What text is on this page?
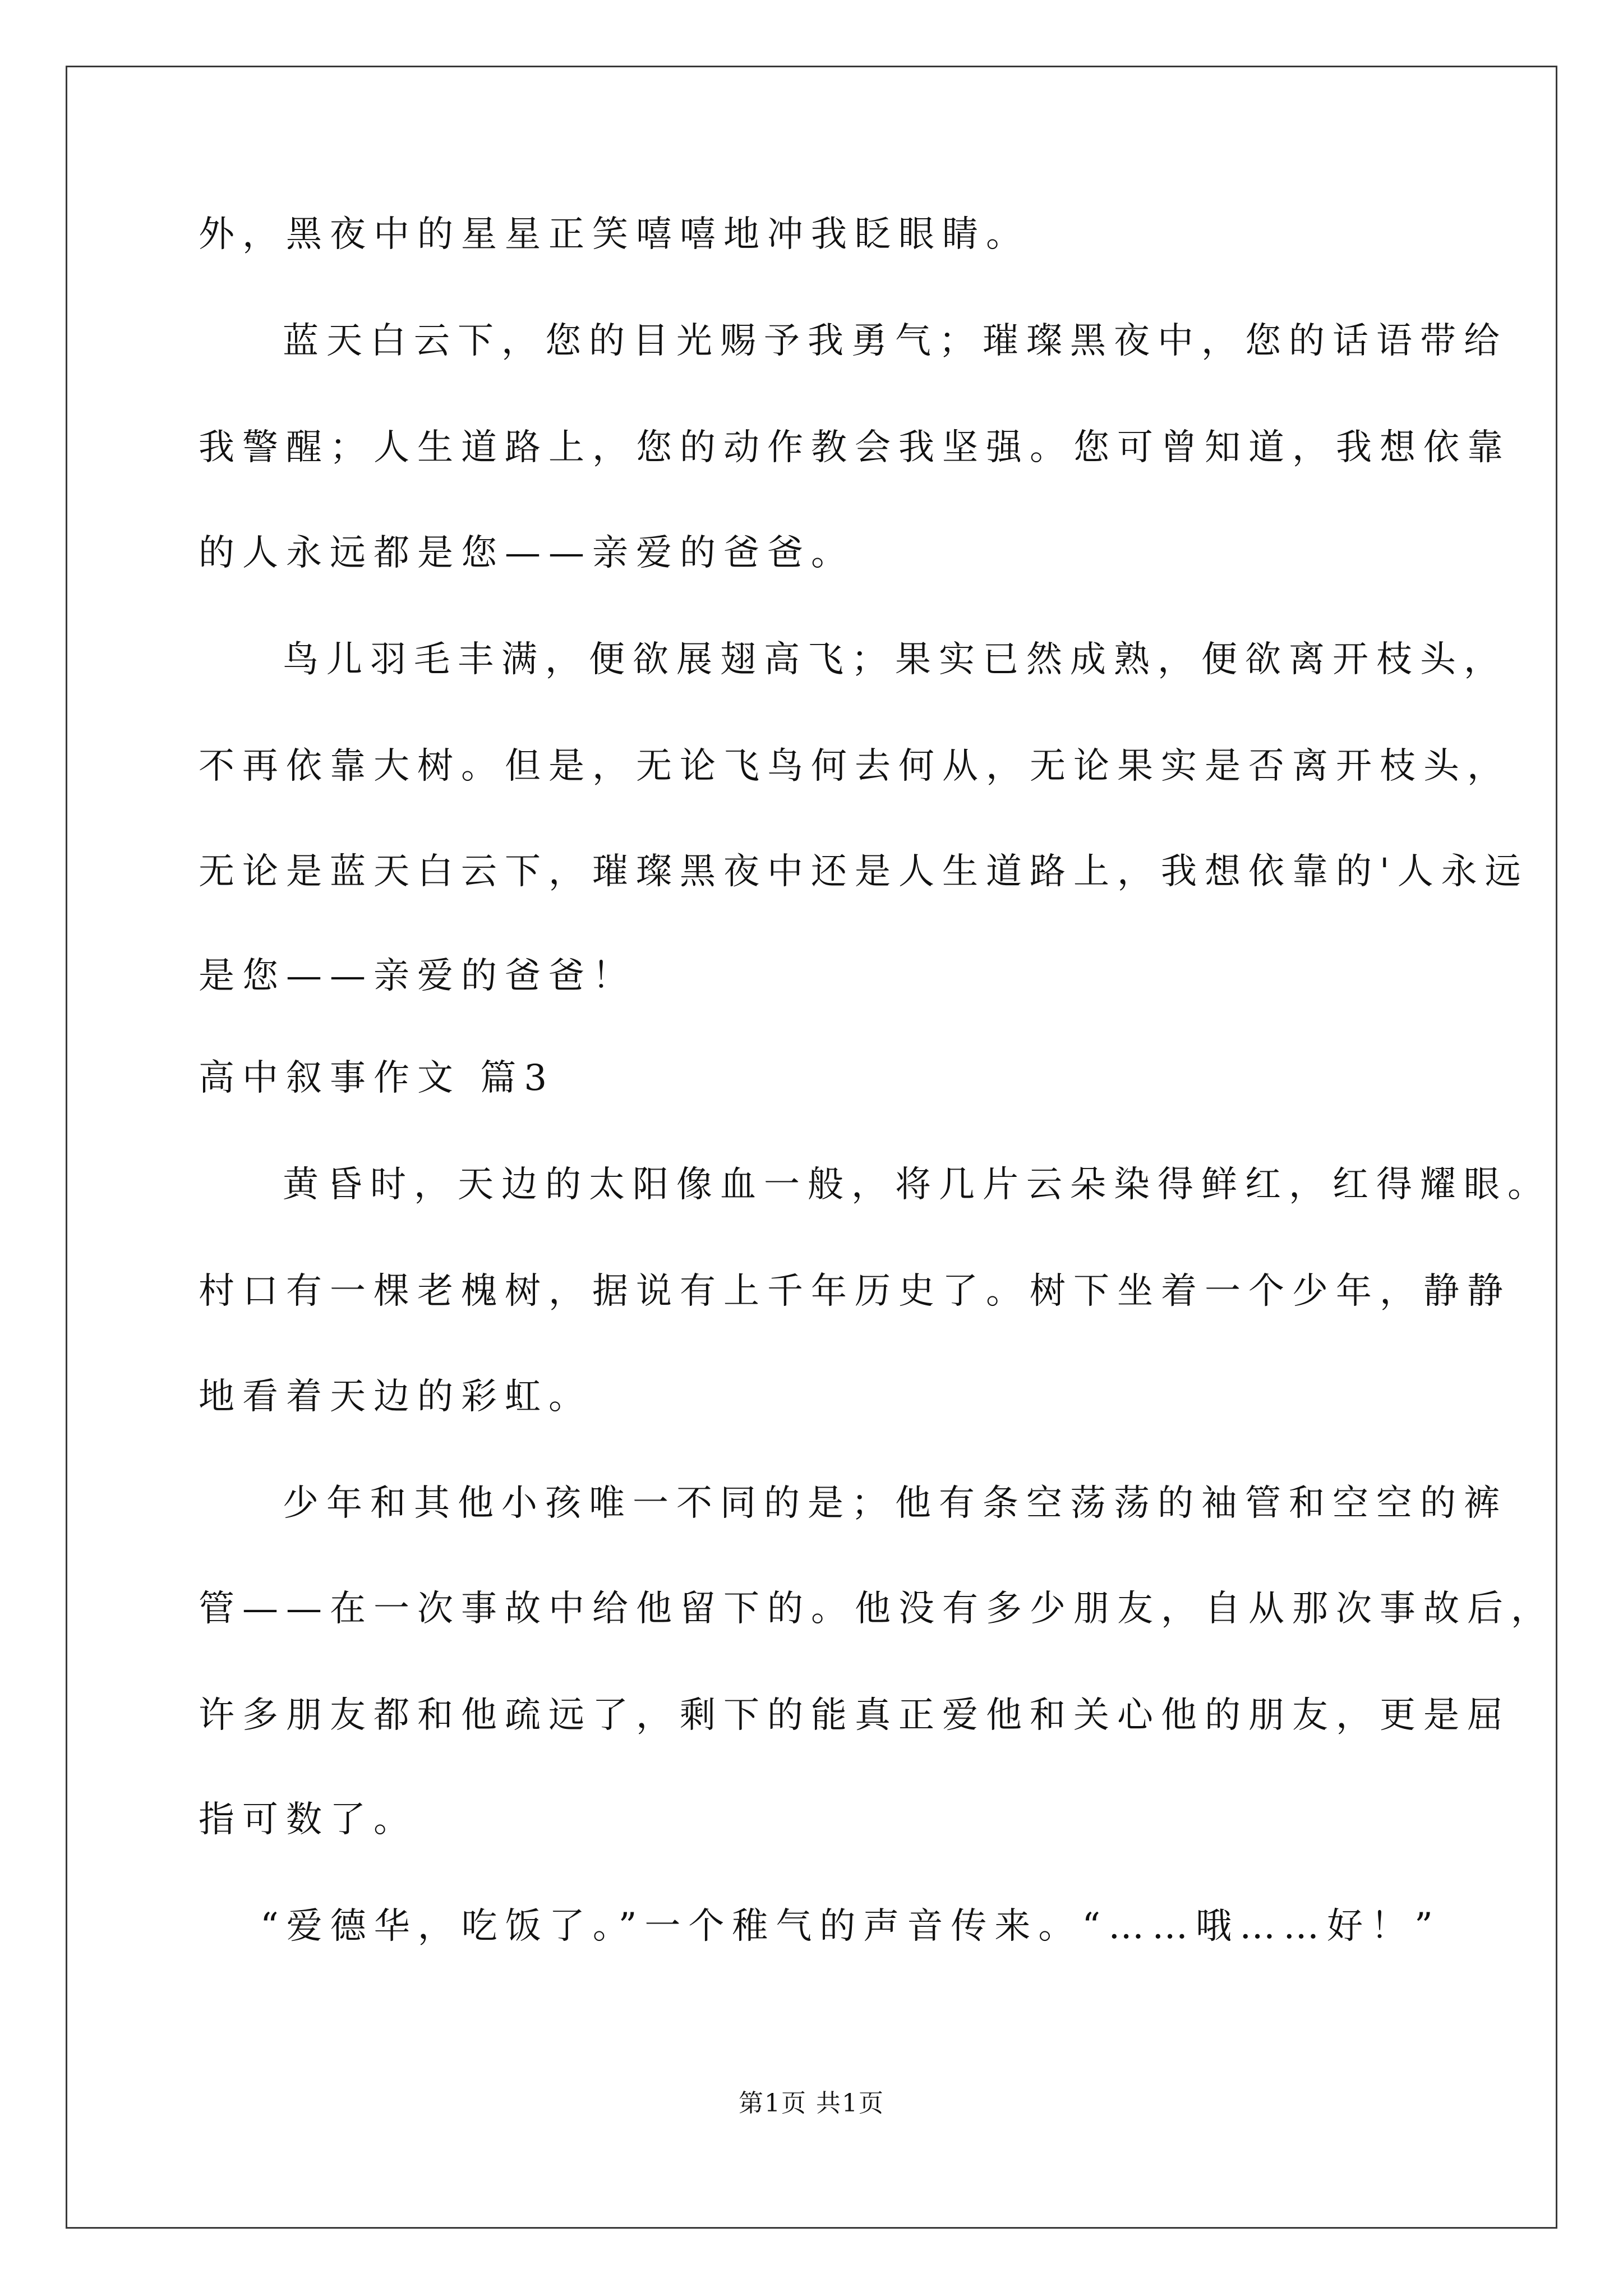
外，黑夜中的星星正笑嘻嘻地冲我眨眼睛。
蓝天白云下，您的目光赐予我勇气；璀璨黑夜中，您的话语带给
我警醒；人生道路上，您的动作教会我坚强。您可曾知道，我想依靠
的人永远都是您——亲爱的爸爸。
鸟儿羽毛丰满，便欲展翅高飞；果实已然成熟，便欲离开枝头，
不再依靠大树。但是，无论飞鸟何去何从，无论果实是否离开枝头，
无论是蓝天白云下，璀璨黑夜中还是人生道路上，我想依靠的'人永远
是您——亲爱的爸爸！
高中叙事作文 篇3
黄昏时，天边的太阳像血一般，将几片云朵染得鲜红，红得耀眼。
村口有一棵老槐树，据说有上千年历史了。树下坐着一个少年，静静
地看着天边的彩虹。
少年和其他小孩唯一不同的是；他有条空荡荡的袖管和空空的裤
管——在一次事故中给他留下的。他没有多少朋友，自从那次事故后，
许多朋友都和他疏远了，剩下的能真正爱他和关心他的朋友，更是屈
指可数了。
“爱德华，吃饭了。”一个稚气的声音传来。“……哦……好！”
第1页 共1页
